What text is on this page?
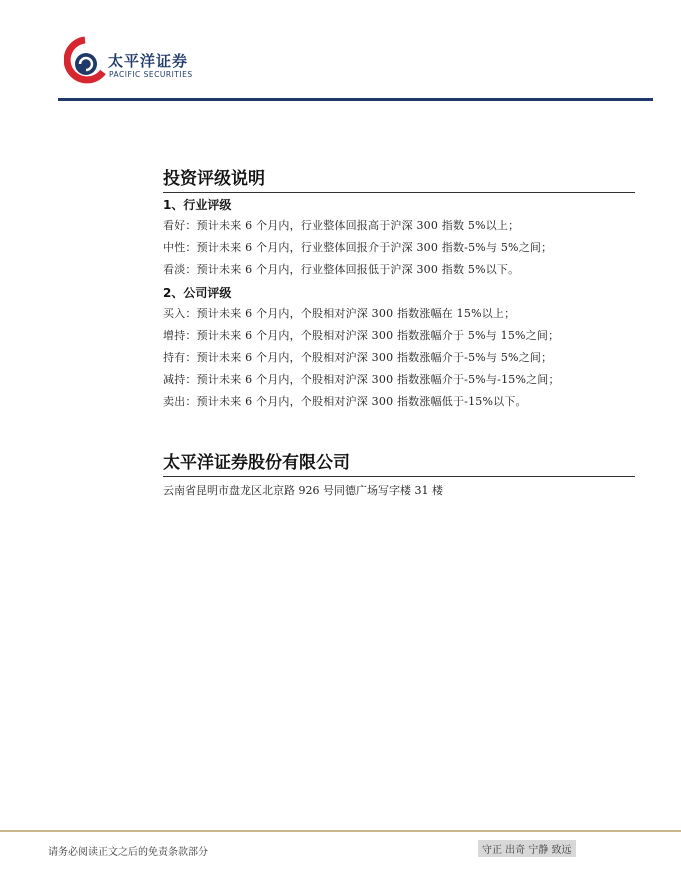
太平洋证券
PACIFIC SECURITIES
投资评级说明
1、行业评级
看好：预计未来 6 个月内，行业整体回报高于沪深 300 指数 5%以上；
中性：预计未来 6 个月内，行业整体回报介于沪深 300 指数-5%与 5%之间；
看淡：预计未来 6 个月内，行业整体回报低于沪深 300 指数 5%以下。
2、公司评级
买入：预计未来 6 个月内，个股相对沪深 300 指数涨幅在 15%以上；
增持：预计未来 6 个月内，个股相对沪深 300 指数涨幅介于 5%与 15%之间；
持有：预计未来 6 个月内，个股相对沪深 300 指数涨幅介于-5%与 5%之间；
减持：预计未来 6 个月内，个股相对沪深 300 指数涨幅介于-5%与-15%之间；
卖出：预计未来 6 个月内，个股相对沪深 300 指数涨幅低于-15%以下。
太平洋证券股份有限公司
云南省昆明市盘龙区北京路 926 号同德广场写字楼 31 楼
请务必阅读正文之后的免责条款部分	守正 出奇 宁静 致远
